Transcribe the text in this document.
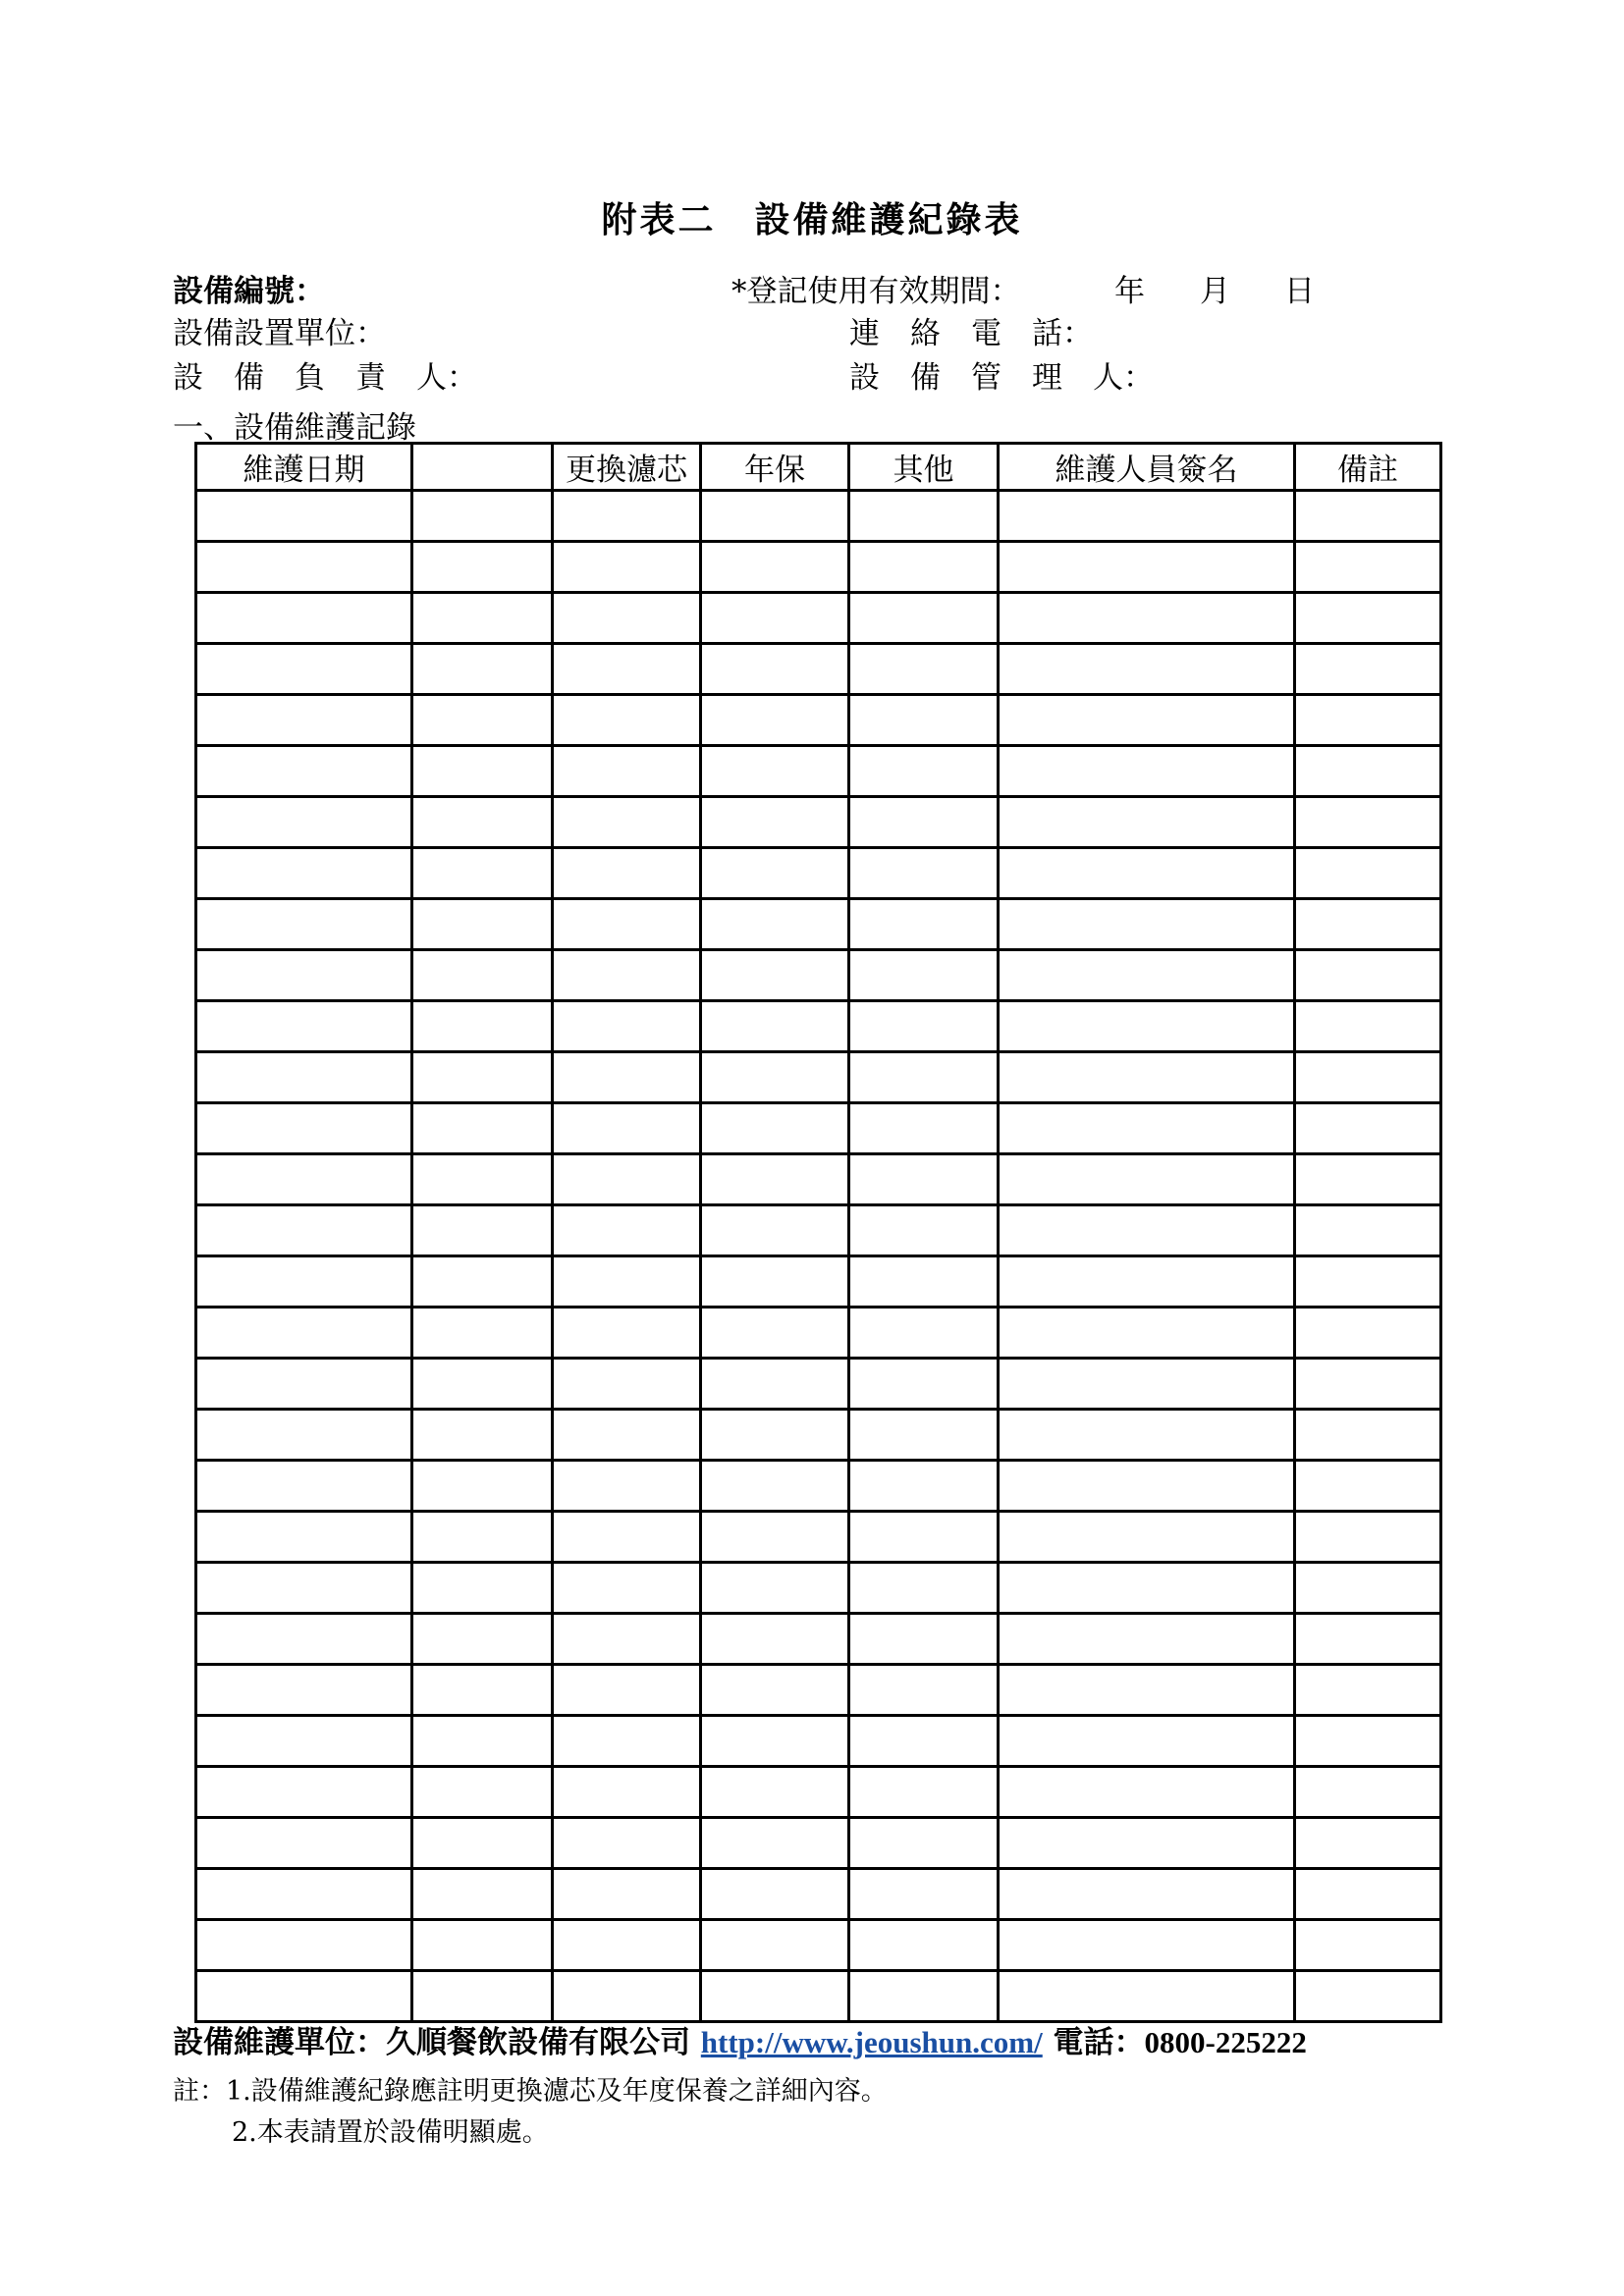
附表二　設備維護紀錄表
設備編號：	*登記使用有效期間：	年 月 日
設備設置單位：	連　絡　電　話：
設　備　負　責　人：	設　備　管　理　人：
一、設備維護記錄
維護日期		更換濾芯	年保	其他	維護人員簽名	備註

設備維護單位：久順餐飲設備有限公司 http://www.jeoushun.com/ 電話：0800-225222
註：1.設備維護紀錄應註明更換濾芯及年度保養之詳細內容。
2.本表請置於設備明顯處。
